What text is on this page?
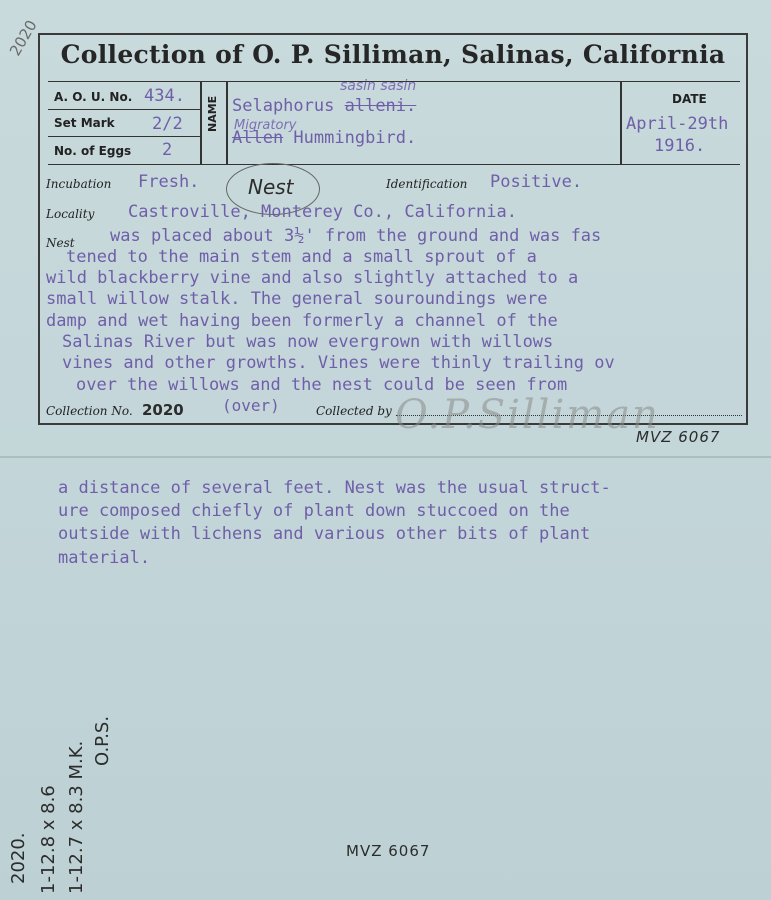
2020 Collection of O. P. Silliman, Salinas, California
A. O. U. No.
Set Mark
No. of Eggs
434.
2/2
2
NAME
sasin sasin
Selaphorus alleni.
Migratory
Allen Hummingbird.
DATE
April-29th
1916.
Incubation Fresh. Nest	Identification Positive.
Locality Castroville, Monterey Co., California.
Nest was placed about 3½' from the ground and was fas
tened to the main stem and a small sprout of a
wild blackberry vine and also slightly attached to a
small willow stalk. The general souroundings were
damp and wet having been formerly a channel of the
Salinas River but was now evergrown with willows
vines and other growths. Vines were thinly trailing ov
over the willows and the nest could be seen from
Collection No. 2020 (over)	Collected by O.P.Silliman
MVZ 6067
a distance of several feet. Nest was the usual struct-
ure composed chiefly of plant down stuccoed on the
outside with lichens and various other bits of plant
material.
2020. 1-12.8 x 8.6 1-12.7 x 8.3 M.K. O.P.S.
MVZ 6067
